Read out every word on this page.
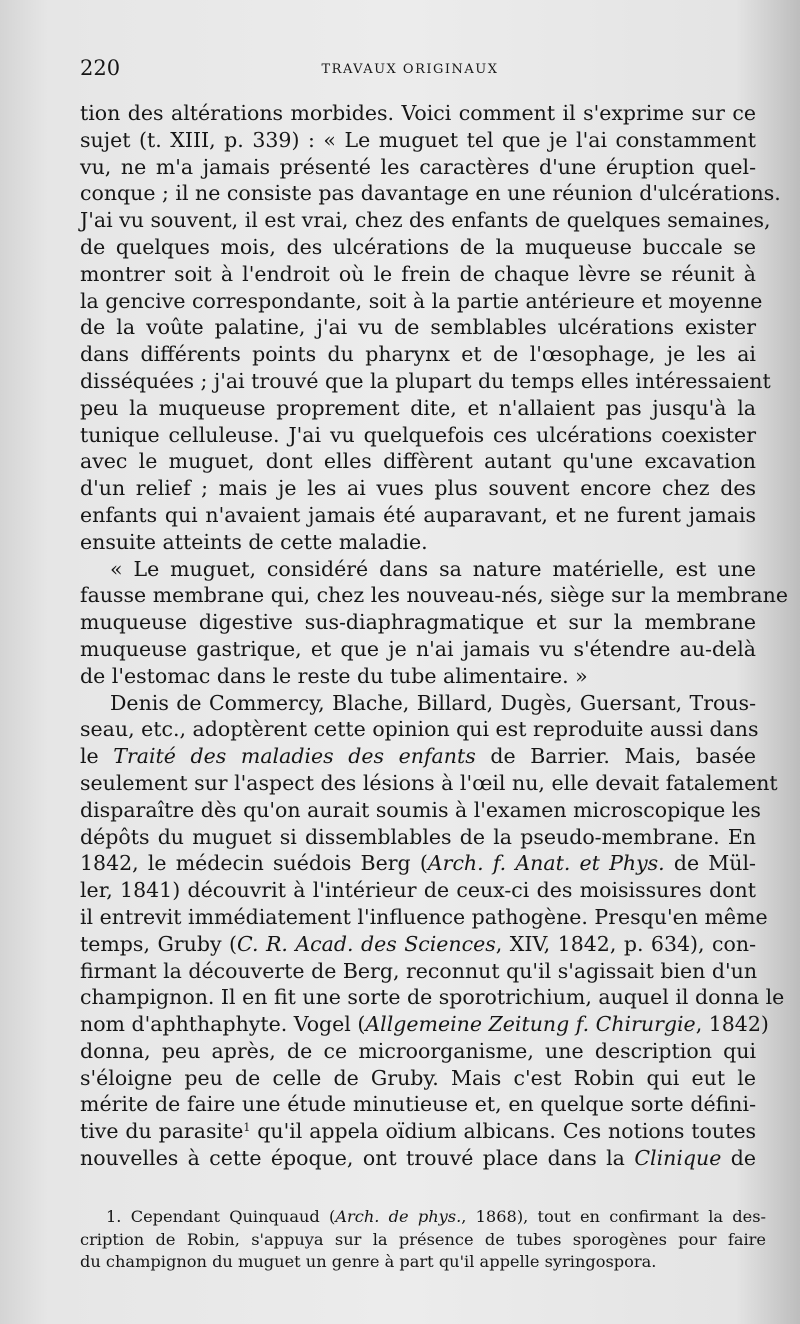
220	TRAVAUX ORIGINAUX

tion des altérations morbides. Voici comment il s'exprime sur ce
sujet (t. XIII, p. 339) : « Le muguet tel que je l'ai constamment
vu, ne m'a jamais présenté les caractères d'une éruption quel-
conque ; il ne consiste pas davantage en une réunion d'ulcérations.
J'ai vu souvent, il est vrai, chez des enfants de quelques semaines,
de quelques mois, des ulcérations de la muqueuse buccale se
montrer soit à l'endroit où le frein de chaque lèvre se réunit à
la gencive correspondante, soit à la partie antérieure et moyenne
de la voûte palatine, j'ai vu de semblables ulcérations exister
dans différents points du pharynx et de l'œsophage, je les ai
disséquées ; j'ai trouvé que la plupart du temps elles intéressaient
peu la muqueuse proprement dite, et n'allaient pas jusqu'à la
tunique celluleuse. J'ai vu quelquefois ces ulcérations coexister
avec le muguet, dont elles diffèrent autant qu'une excavation
d'un relief ; mais je les ai vues plus souvent encore chez des
enfants qui n'avaient jamais été auparavant, et ne furent jamais
ensuite atteints de cette maladie.

« Le muguet, considéré dans sa nature matérielle, est une
fausse membrane qui, chez les nouveau-nés, siège sur la membrane
muqueuse digestive sus-diaphragmatique et sur la membrane
muqueuse gastrique, et que je n'ai jamais vu s'étendre au-delà
de l'estomac dans le reste du tube alimentaire. »

Denis de Commercy, Blache, Billard, Dugès, Guersant, Trous-
seau, etc., adoptèrent cette opinion qui est reproduite aussi dans
le Traité des maladies des enfants de Barrier. Mais, basée
seulement sur l'aspect des lésions à l'œil nu, elle devait fatalement
disparaître dès qu'on aurait soumis à l'examen microscopique les
dépôts du muguet si dissemblables de la pseudo-membrane. En
1842, le médecin suédois Berg (Arch. f. Anat. et Phys. de Mül-
ler, 1841) découvrit à l'intérieur de ceux-ci des moisissures dont
il entrevit immédiatement l'influence pathogène. Presqu'en même
temps, Gruby (C. R. Acad. des Sciences, XIV, 1842, p. 634), con-
firmant la découverte de Berg, reconnut qu'il s'agissait bien d'un
champignon. Il en fit une sorte de sporotrichium, auquel il donna le
nom d'aphthaphyte. Vogel (Allgemeine Zeitung f. Chirurgie, 1842)
donna, peu après, de ce microorganisme, une description qui
s'éloigne peu de celle de Gruby. Mais c'est Robin qui eut le
mérite de faire une étude minutieuse et, en quelque sorte défini-
tive du parasite$^1$ qu'il appela oïdium albicans. Ces notions toutes
nouvelles à cette époque, ont trouvé place dans la Clinique de

1. Cependant Quinquaud (Arch. de phys., 1868), tout en confirmant la des-
cription de Robin, s'appuya sur la présence de tubes sporogènes pour faire
du champignon du muguet un genre à part qu'il appelle syringospora.
